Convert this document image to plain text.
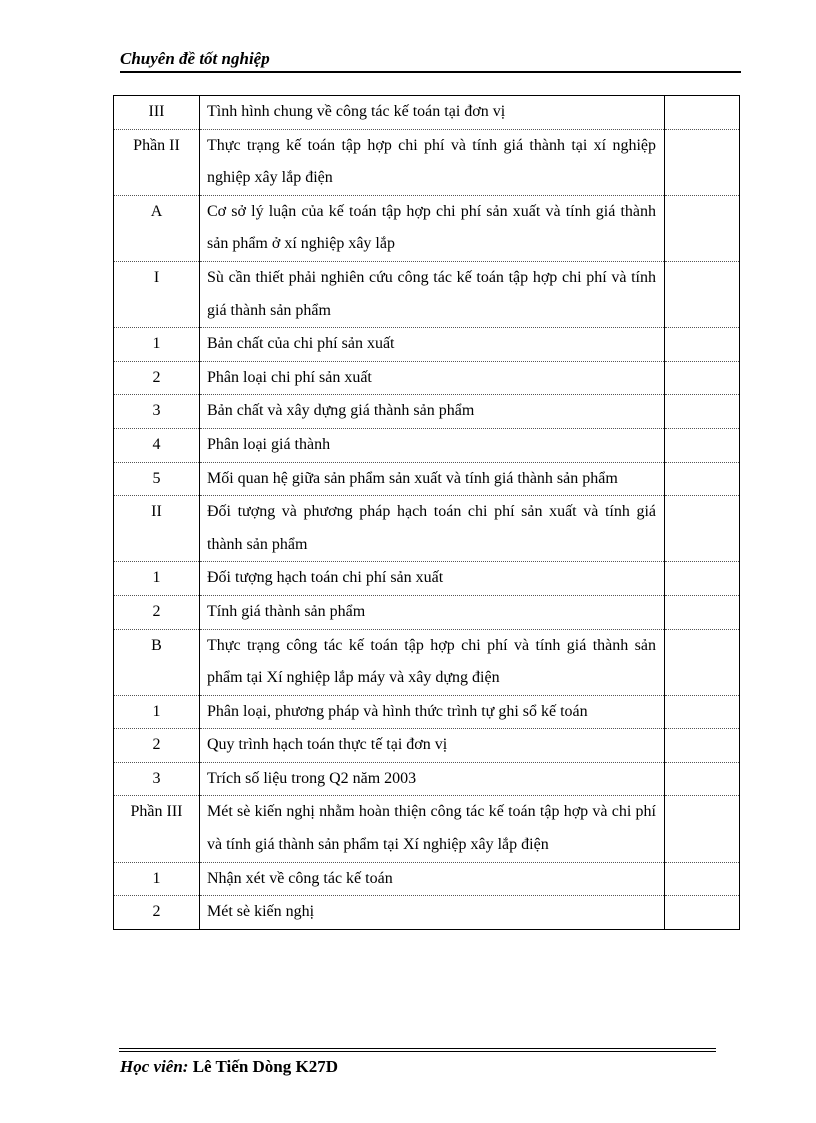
Chuyên đề tốt nghiệp
III	Tình hình chung về công tác kế toán tại đơn vị	
Phần II	Thực trạng kế toán tập hợp chi phí và tính giá thành tại xí nghiệp nghiệp xây lắp điện	
A	Cơ sở lý luận của kế toán tập hợp chi phí sản xuất và tính giá thành sản phẩm ở xí nghiệp xây lắp	
I	Sù cần thiết phải nghiên cứu công tác kế toán tập hợp chi phí và tính giá thành sản phẩm	
1	Bản chất của chi phí sản xuất	
2	Phân loại chi phí sản xuất	
3	Bản chất và xây dựng giá thành sản phẩm	
4	Phân loại giá thành	
5	Mối quan hệ giữa sản phẩm sản xuất và tính giá thành sản phẩm	
II	Đối tượng và phương pháp hạch toán chi phí sản xuất và tính giá thành sản phẩm	
1	Đối tượng hạch toán chi phí sản xuất	
2	Tính giá thành sản phẩm	
B	Thực trạng công tác kế toán tập hợp chi phí và tính giá thành sản phẩm tại Xí nghiệp lắp máy và xây dựng điện	
1	Phân loại, phương pháp và hình thức trình tự ghi sổ kế toán	
2	Quy trình hạch toán thực tế tại đơn vị	
3	Trích số liệu trong Q2 năm 2003	
Phần III	Mét sè kiến nghị nhằm hoàn thiện công tác kế toán tập hợp và chi phí và tính giá thành sản phẩm tại Xí nghiệp xây lắp điện	
1	Nhận xét về công tác kế toán	
2	Mét sè kiến nghị	
Học viên: Lê Tiến Dòng K27D
